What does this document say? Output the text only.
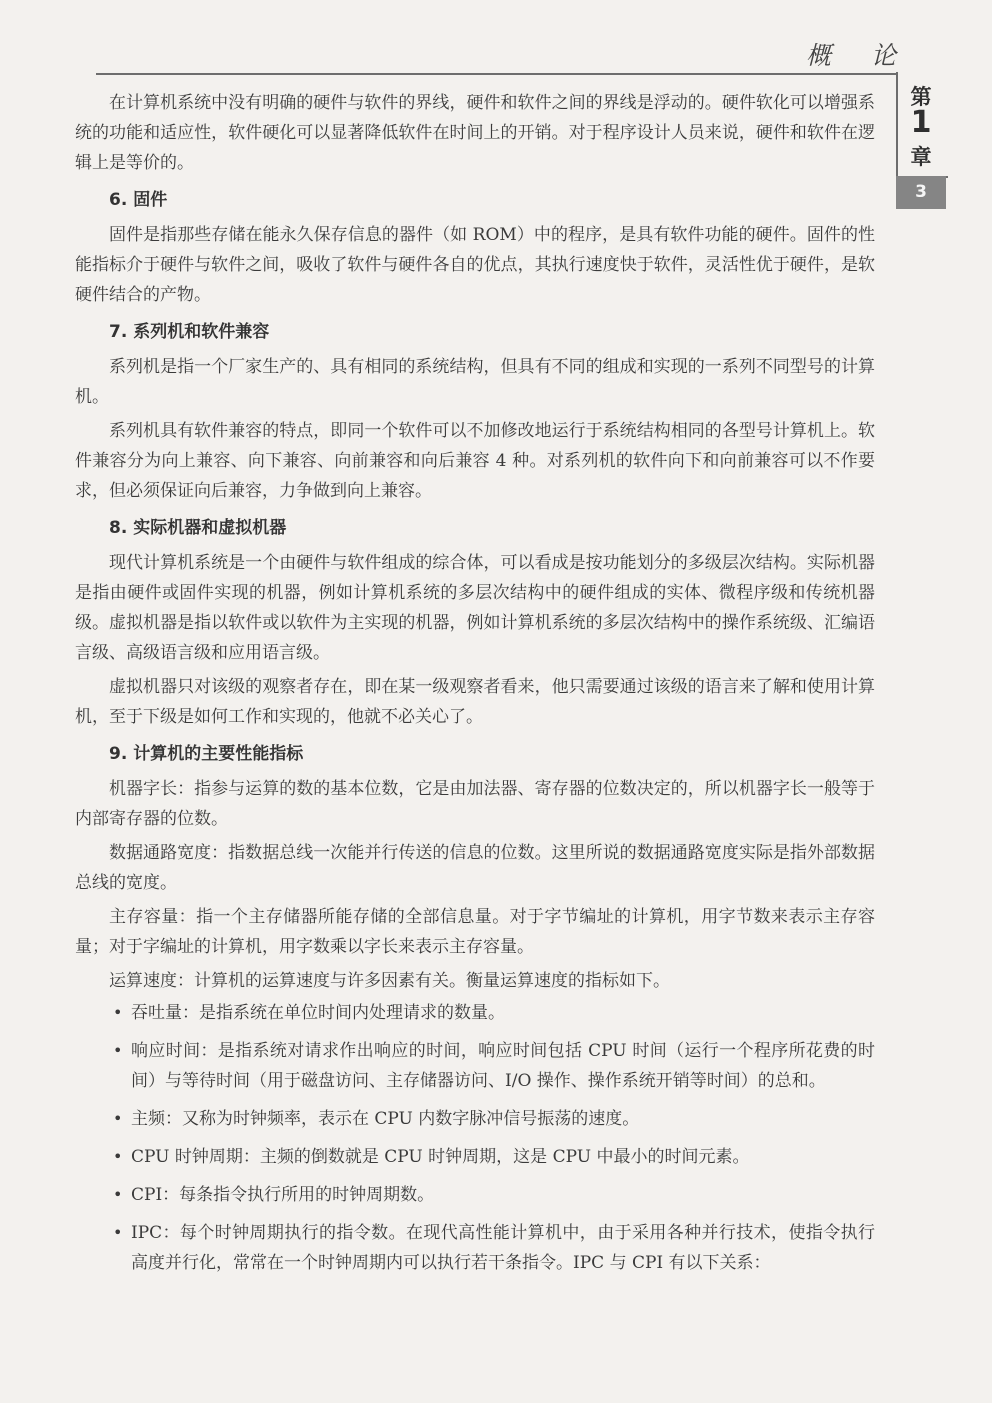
概 论
第
1
章
3

在计算机系统中没有明确的硬件与软件的界线，硬件和软件之间的界线是浮动的。硬件软化可以增强系统的功能和适应性，软件硬化可以显著降低软件在时间上的开销。对于程序设计人员来说，硬件和软件在逻辑上是等价的。

6. 固件

固件是指那些存储在能永久保存信息的器件（如 ROM）中的程序，是具有软件功能的硬件。固件的性能指标介于硬件与软件之间，吸收了软件与硬件各自的优点，其执行速度快于软件，灵活性优于硬件，是软硬件结合的产物。

7. 系列机和软件兼容

系列机是指一个厂家生产的、具有相同的系统结构，但具有不同的组成和实现的一系列不同型号的计算机。

系列机具有软件兼容的特点，即同一个软件可以不加修改地运行于系统结构相同的各型号计算机上。软件兼容分为向上兼容、向下兼容、向前兼容和向后兼容 4 种。对系列机的软件向下和向前兼容可以不作要求，但必须保证向后兼容，力争做到向上兼容。

8. 实际机器和虚拟机器

现代计算机系统是一个由硬件与软件组成的综合体，可以看成是按功能划分的多级层次结构。实际机器是指由硬件或固件实现的机器，例如计算机系统的多层次结构中的硬件组成的实体、微程序级和传统机器级。虚拟机器是指以软件或以软件为主实现的机器，例如计算机系统的多层次结构中的操作系统级、汇编语言级、高级语言级和应用语言级。

虚拟机器只对该级的观察者存在，即在某一级观察者看来，他只需要通过该级的语言来了解和使用计算机，至于下级是如何工作和实现的，他就不必关心了。

9. 计算机的主要性能指标

机器字长：指参与运算的数的基本位数，它是由加法器、寄存器的位数决定的，所以机器字长一般等于内部寄存器的位数。

数据通路宽度：指数据总线一次能并行传送的信息的位数。这里所说的数据通路宽度实际是指外部数据总线的宽度。

主存容量：指一个主存储器所能存储的全部信息量。对于字节编址的计算机，用字节数来表示主存容量；对于字编址的计算机，用字数乘以字长来表示主存容量。

运算速度：计算机的运算速度与许多因素有关。衡量运算速度的指标如下。

• 吞吐量：是指系统在单位时间内处理请求的数量。
• 响应时间：是指系统对请求作出响应的时间，响应时间包括 CPU 时间（运行一个程序所花费的时间）与等待时间（用于磁盘访问、主存储器访问、I/O 操作、操作系统开销等时间）的总和。
• 主频：又称为时钟频率，表示在 CPU 内数字脉冲信号振荡的速度。
• CPU 时钟周期：主频的倒数就是 CPU 时钟周期，这是 CPU 中最小的时间元素。
• CPI：每条指令执行所用的时钟周期数。
• IPC：每个时钟周期执行的指令数。在现代高性能计算机中，由于采用各种并行技术，使指令执行高度并行化，常常在一个时钟周期内可以执行若干条指令。IPC 与 CPI 有以下关系：
